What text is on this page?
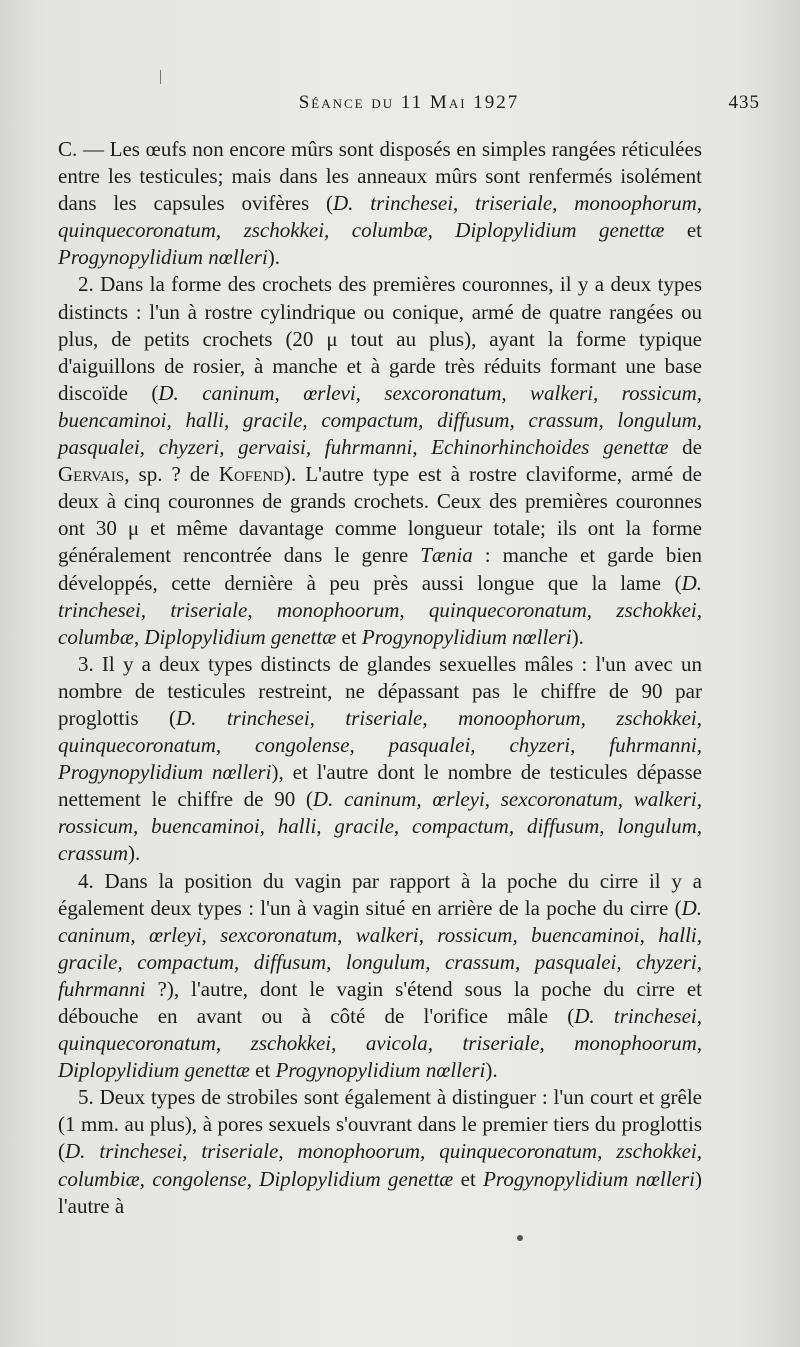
Séance du 11 Mai 1927	435

C. — Les œufs non encore mûrs sont disposés en simples rangées réticulées entre les testicules; mais dans les anneaux mûrs sont renfermés isolément dans les capsules ovifères (D. trinchesei, triseriale, monoophorum, quinquecoronatum, zschokkei, columbæ, Diplopylidium genettæ et Progynopylidium nœlleri).

2. Dans la forme des crochets des premières couronnes, il y a deux types distincts : l'un à rostre cylindrique ou conique, armé de quatre rangées ou plus, de petits crochets (20 μ tout au plus), ayant la forme typique d'aiguillons de rosier, à manche et à garde très réduits formant une base discoïde (D. caninum, œrlevi, sexcoronatum, walkeri, rossicum, buencaminoi, halli, gracile, compactum, diffusum, crassum, longulum, pasqualei, chyzeri, gervaisi, fuhrmanni, Echinorhinchoides genettæ de Gervais, sp. ? de Kofend). L'autre type est à rostre claviforme, armé de deux à cinq couronnes de grands crochets. Ceux des premières couronnes ont 30 μ et même davantage comme longueur totale; ils ont la forme généralement rencontrée dans le genre Tænia : manche et garde bien développés, cette dernière à peu près aussi longue que la lame (D. trinchesei, triseriale, monophoorum, quinquecoronatum, zschokkei, columbæ, Diplopylidium genettæ et Progynopylidium nœlleri).

3. Il y a deux types distincts de glandes sexuelles mâles : l'un avec un nombre de testicules restreint, ne dépassant pas le chiffre de 90 par proglottis (D. trinchesei, triseriale, monoophorum, zschokkei, quinquecoronatum, congolense, pasqualei, chyzeri, fuhrmanni, Progynopylidium nœlleri), et l'autre dont le nombre de testicules dépasse nettement le chiffre de 90 (D. caninum, œrleyi, sexcoronatum, walkeri, rossicum, buencaminoi, halli, gracile, compactum, diffusum, longulum, crassum).

4. Dans la position du vagin par rapport à la poche du cirre il y a également deux types : l'un à vagin situé en arrière de la poche du cirre (D. caninum, œrleyi, sexcoronatum, walkeri, rossicum, buencaminoi, halli, gracile, compactum, diffusum, longulum, crassum, pasqualei, chyzeri, fuhrmanni ?), l'autre, dont le vagin s'étend sous la poche du cirre et débouche en avant ou à côté de l'orifice mâle (D. trinchesei, quinquecoronatum, zschokkei, avicola, triseriale, monophoorum, Diplopylidium genettæ et Progynopylidium nœlleri).

5. Deux types de strobiles sont également à distinguer : l'un court et grêle (1 mm. au plus), à pores sexuels s'ouvrant dans le premier tiers du proglottis (D. trinchesei, triseriale, monophoorum, quinquecoronatum, zschokkei, columbiæ, congolense, Diplopylidium genettæ et Progynopylidium nœlleri) l'autre à
